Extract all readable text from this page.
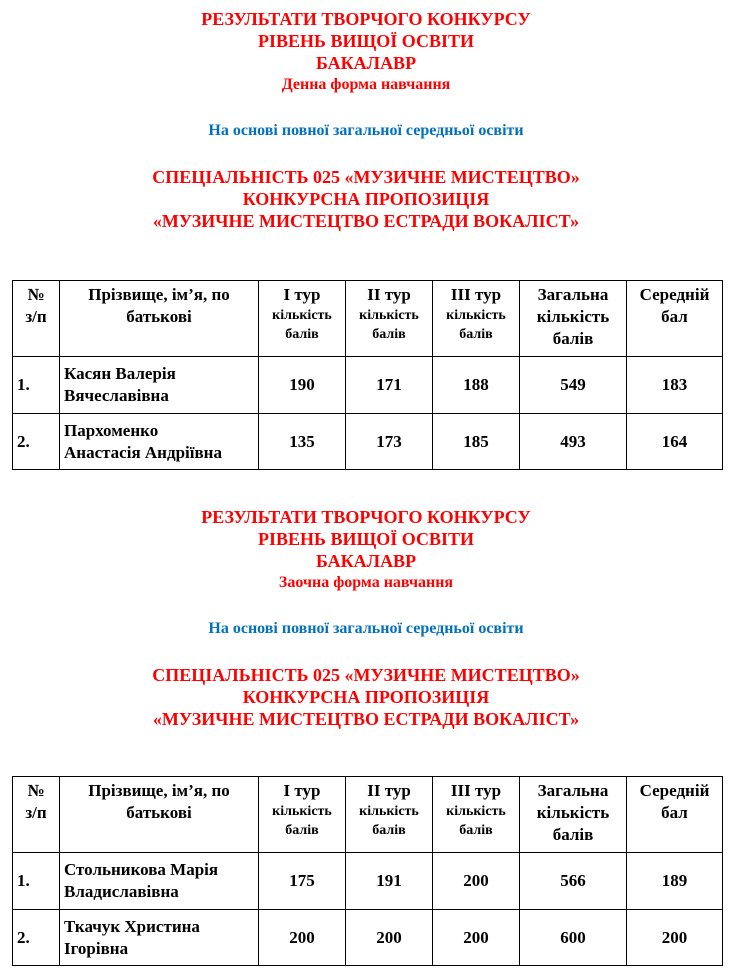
РЕЗУЛЬТАТИ ТВОРЧОГО КОНКУРСУ
РІВЕНЬ ВИЩОЇ ОСВІТИ
БАКАЛАВР
Денна форма навчання
На основі повної загальної середньої освіти
СПЕЦІАЛЬНІСТЬ 025 «МУЗИЧНЕ МИСТЕЦТВО»
КОНКУРСНА ПРОПОЗИЦІЯ
«МУЗИЧНЕ МИСТЕЦТВО ЕСТРАДИ ВОКАЛІСТ»
№
з/п	Прізвище, ім’я, по
батькові	І тур
кількість
балів	ІІ тур
кількість
балів	ІІІ тур
кількість
балів	Загальна
кількість
балів	Середній
бал
1.	Касян Валерія
Вячеславівна	190	171	188	549	183
2.	Пархоменко
Анастасія Андріївна	135	173	185	493	164
РЕЗУЛЬТАТИ ТВОРЧОГО КОНКУРСУ
РІВЕНЬ ВИЩОЇ ОСВІТИ
БАКАЛАВР
Заочна форма навчання
На основі повної загальної середньої освіти
СПЕЦІАЛЬНІСТЬ 025 «МУЗИЧНЕ МИСТЕЦТВО»
КОНКУРСНА ПРОПОЗИЦІЯ
«МУЗИЧНЕ МИСТЕЦТВО ЕСТРАДИ ВОКАЛІСТ»
№
з/п	Прізвище, ім’я, по
батькові	І тур
кількість
балів	ІІ тур
кількість
балів	ІІІ тур
кількість
балів	Загальна
кількість
балів	Середній
бал
1.	Стольникова Марія
Владиславівна	175	191	200	566	189
2.	Ткачук Христина
Ігорівна	200	200	200	600	200
